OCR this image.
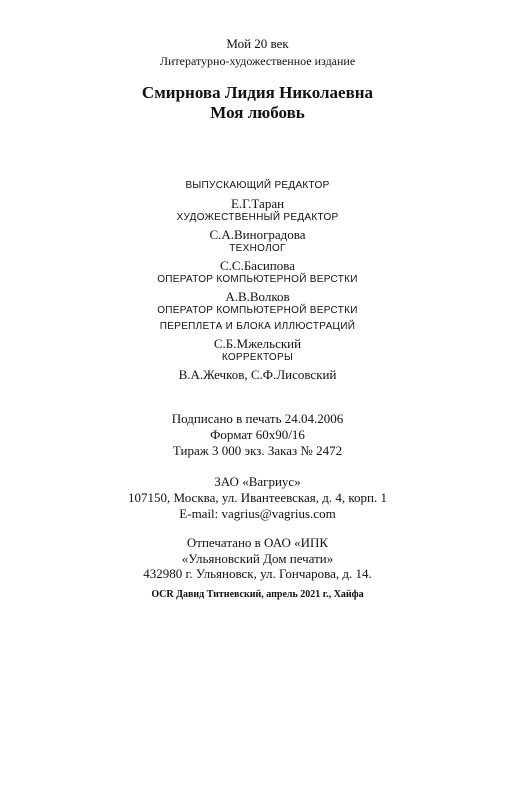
Мой 20 век
Литературно-художественное издание
Смирнова Лидия Николаевна
Моя любовь
ВЫПУСКАЮЩИЙ РЕДАКТОР
Е.Г.Таран
ХУДОЖЕСТВЕННЫЙ РЕДАКТОР
С.А.Виноградова
ТЕХНОЛОГ
С.С.Басипова
ОПЕРАТОР КОМПЬЮТЕРНОЙ ВЕРСТКИ
А.В.Волков
ОПЕРАТОР КОМПЬЮТЕРНОЙ ВЕРСТКИ
ПЕРЕПЛЕТА И БЛОКА ИЛЛЮСТРАЦИЙ
С.Б.Мжельский
КОРРЕКТОРЫ
В.А.Жечков, С.Ф.Лисовский
Подписано в печать 24.04.2006
Формат 60x90/16
Тираж 3 000 экз. Заказ № 2472
ЗАО «Вагриус»
107150, Москва, ул. Ивантеевская, д. 4, корп. 1
E-mail: vagrius@vagrius.com
Отпечатано в ОАО «ИПК
«Ульяновский Дом печати»
432980 г. Ульяновск, ул. Гончарова, д. 14.
OCR Давид Титневский, апрель 2021 г., Хайфа
